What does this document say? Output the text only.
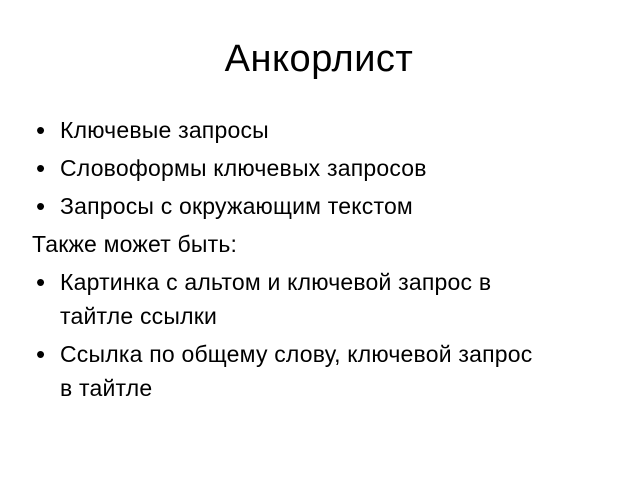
Анкорлист
• Ключевые запросы
• Словоформы ключевых запросов
• Запросы с окружающим текстом
Также может быть:
• Картинка с альтом и ключевой запрос в
тайтле ссылки
• Ссылка по общему слову, ключевой запрос
в тайтле
